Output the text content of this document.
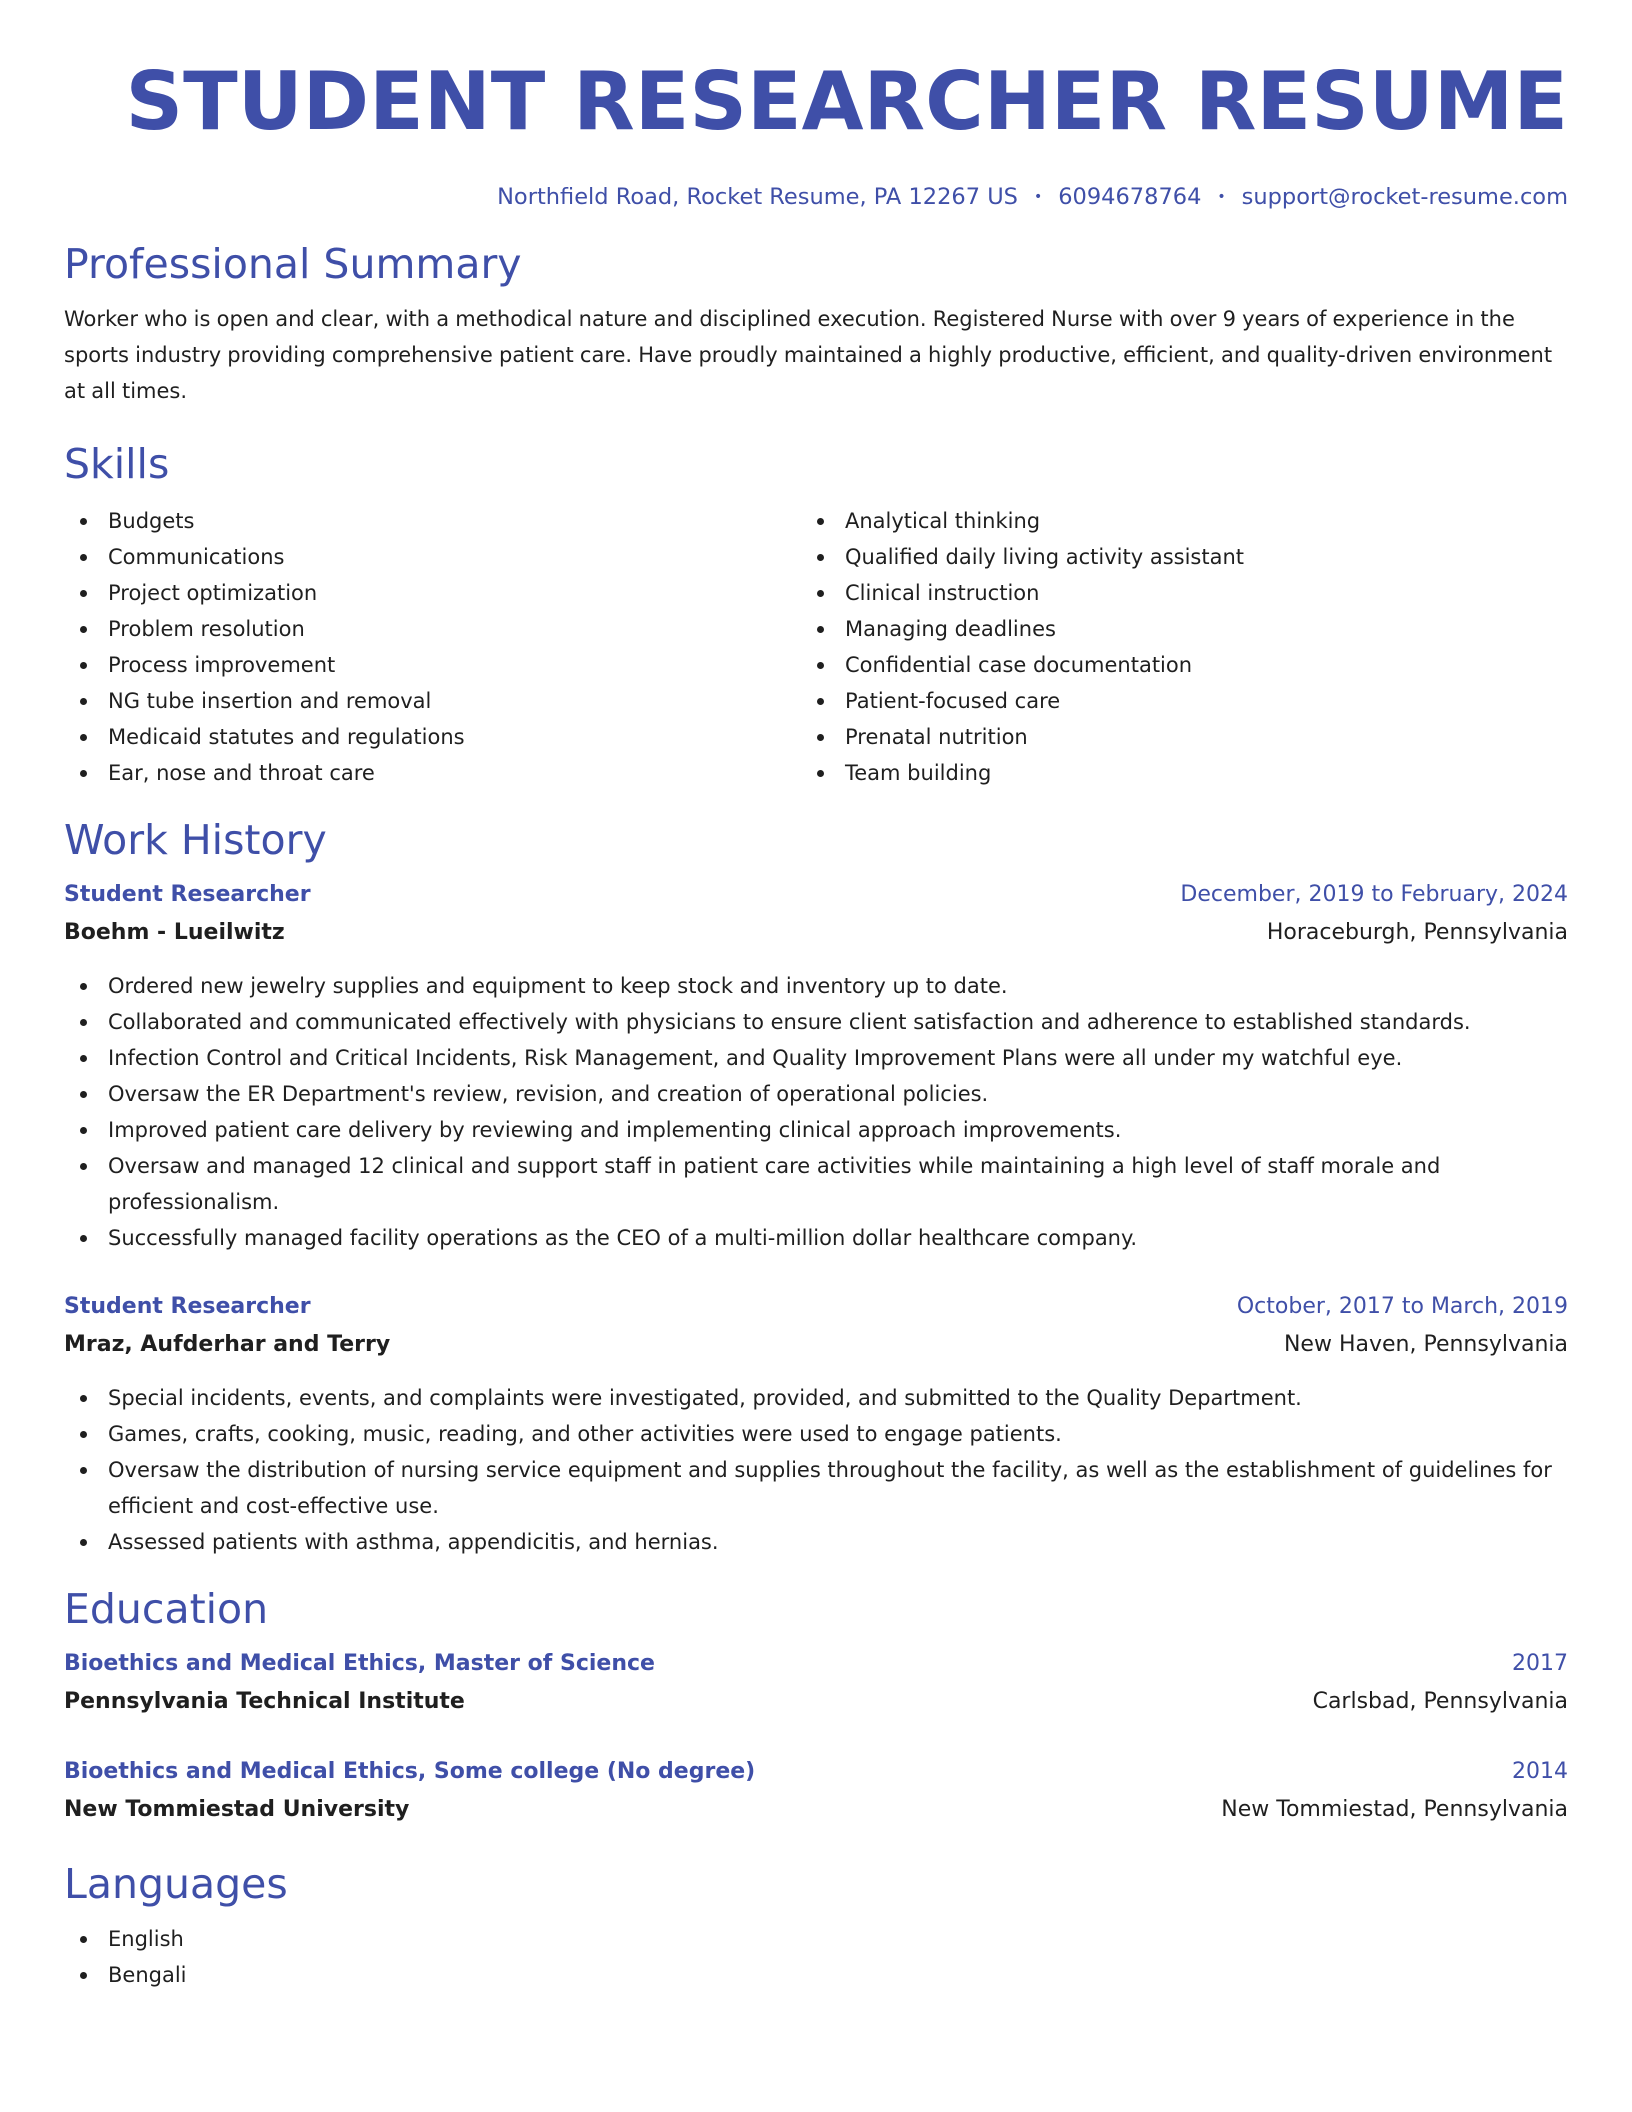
STUDENT RESEARCHER RESUME
Northfield Road, Rocket Resume, PA 12267 US • 6094678764 • support@rocket-resume.com
Professional Summary
Worker who is open and clear, with a methodical nature and disciplined execution. Registered Nurse with over 9 years of experience in the sports industry providing comprehensive patient care. Have proudly maintained a highly productive, efficient, and quality-driven environment at all times.
Skills
Budgets
Communications
Project optimization
Problem resolution
Process improvement
NG tube insertion and removal
Medicaid statutes and regulations
Ear, nose and throat care
Analytical thinking
Qualified daily living activity assistant
Clinical instruction
Managing deadlines
Confidential case documentation
Patient-focused care
Prenatal nutrition
Team building
Work History
Student Researcher	December, 2019 to February, 2024
Boehm - Lueilwitz	Horaceburgh, Pennsylvania
Ordered new jewelry supplies and equipment to keep stock and inventory up to date.
Collaborated and communicated effectively with physicians to ensure client satisfaction and adherence to established standards.
Infection Control and Critical Incidents, Risk Management, and Quality Improvement Plans were all under my watchful eye.
Oversaw the ER Department's review, revision, and creation of operational policies.
Improved patient care delivery by reviewing and implementing clinical approach improvements.
Oversaw and managed 12 clinical and support staff in patient care activities while maintaining a high level of staff morale and professionalism.
Successfully managed facility operations as the CEO of a multi-million dollar healthcare company.
Student Researcher	October, 2017 to March, 2019
Mraz, Aufderhar and Terry	New Haven, Pennsylvania
Special incidents, events, and complaints were investigated, provided, and submitted to the Quality Department.
Games, crafts, cooking, music, reading, and other activities were used to engage patients.
Oversaw the distribution of nursing service equipment and supplies throughout the facility, as well as the establishment of guidelines for efficient and cost-effective use.
Assessed patients with asthma, appendicitis, and hernias.
Education
Bioethics and Medical Ethics, Master of Science	2017
Pennsylvania Technical Institute	Carlsbad, Pennsylvania
Bioethics and Medical Ethics, Some college (No degree)	2014
New Tommiestad University	New Tommiestad, Pennsylvania
Languages
English
Bengali
